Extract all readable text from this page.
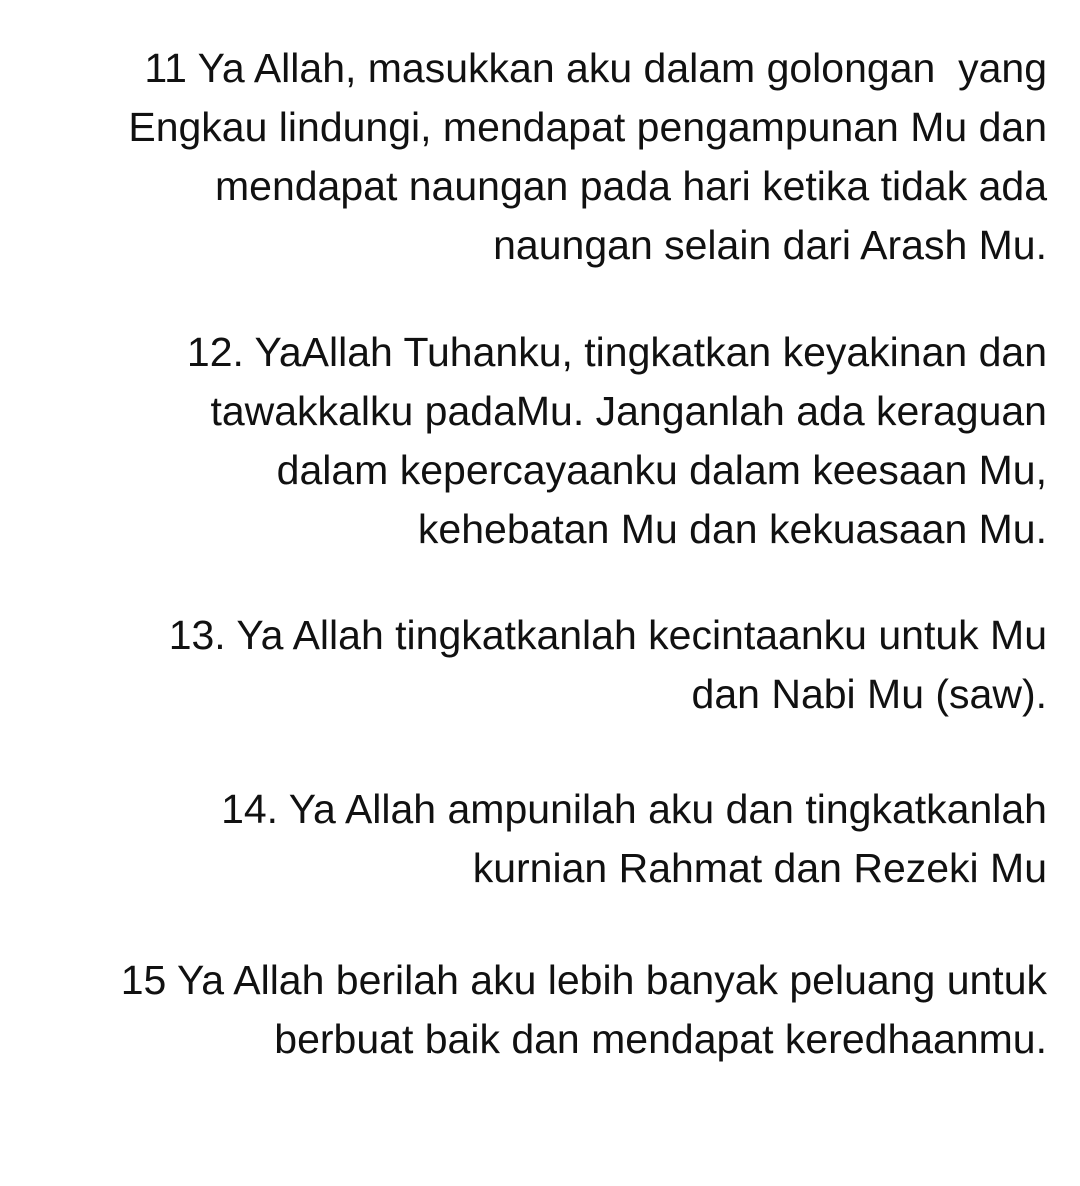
11 Ya Allah, masukkan aku dalam golongan  yang
Engkau lindungi, mendapat pengampunan Mu dan
mendapat naungan pada hari ketika tidak ada
naungan selain dari Arash Mu.

12. YaAllah Tuhanku, tingkatkan keyakinan dan
tawakkalku padaMu. Janganlah ada keraguan
dalam kepercayaanku dalam keesaan Mu,
kehebatan Mu dan kekuasaan Mu.

13. Ya Allah tingkatkanlah kecintaanku untuk Mu
dan Nabi Mu (saw).

14. Ya Allah ampunilah aku dan tingkatkanlah
kurnian Rahmat dan Rezeki Mu

15 Ya Allah berilah aku lebih banyak peluang untuk
berbuat baik dan mendapat keredhaanmu.
